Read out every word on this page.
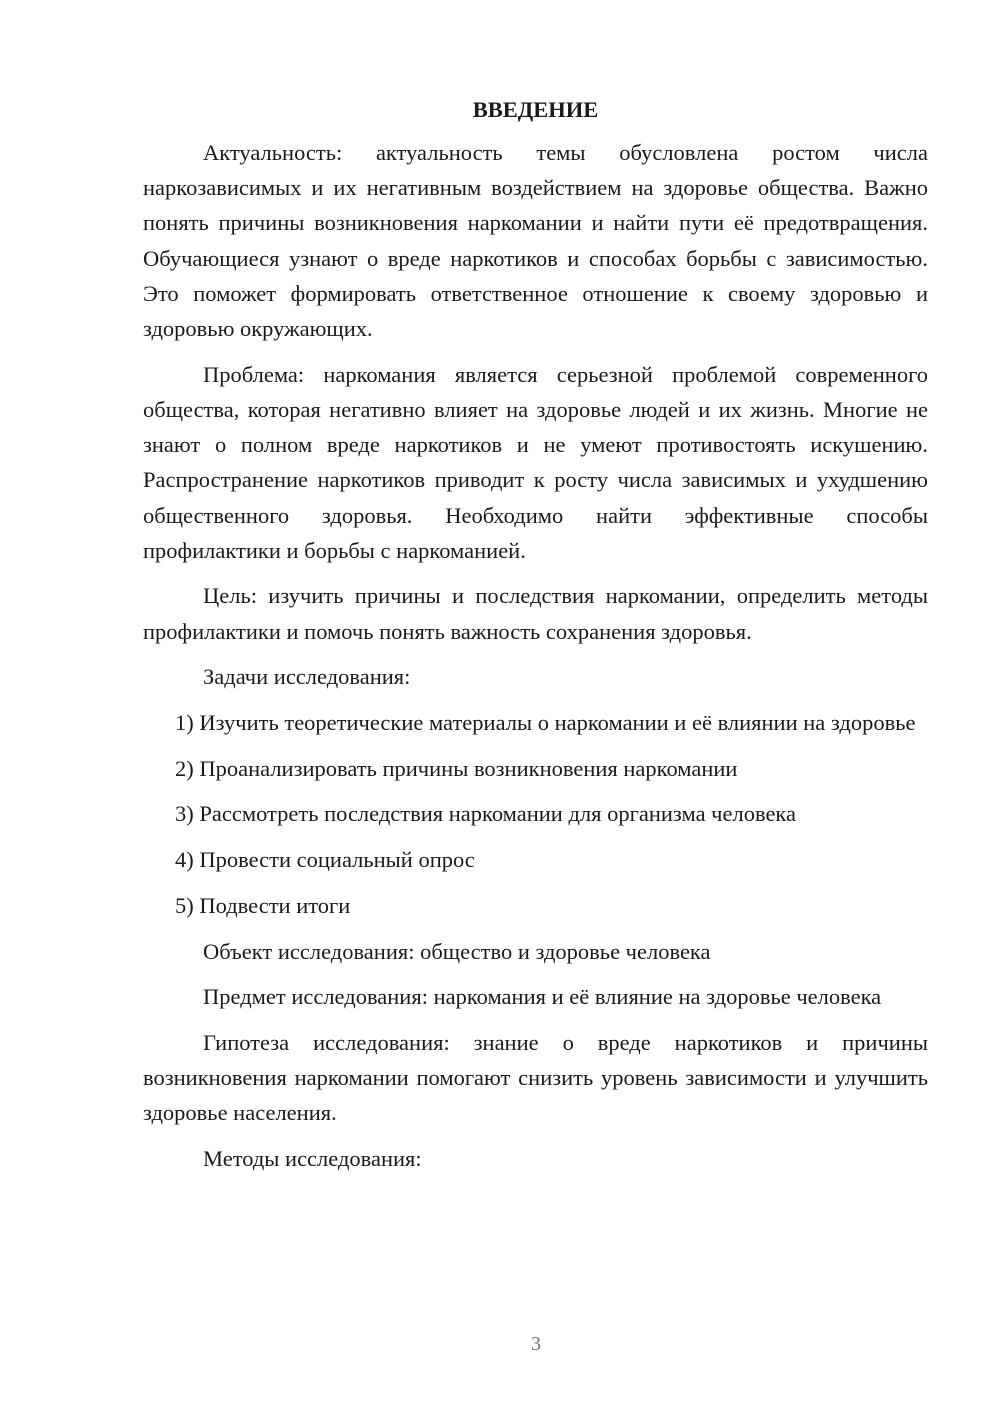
ВВЕДЕНИЕ

Актуальность: актуальность темы обусловлена ростом числа наркозависимых и их негативным воздействием на здоровье общества. Важно понять причины возникновения наркомании и найти пути её предотвращения. Обучающиеся узнают о вреде наркотиков и способах борьбы с зависимостью. Это поможет формировать ответственное отношение к своему здоровью и здоровью окружающих.

Проблема: наркомания является серьезной проблемой современного общества, которая негативно влияет на здоровье людей и их жизнь. Многие не знают о полном вреде наркотиков и не умеют противостоять искушению. Распространение наркотиков приводит к росту числа зависимых и ухудшению общественного здоровья. Необходимо найти эффективные способы профилактики и борьбы с наркоманией.

Цель: изучить причины и последствия наркомании, определить методы профилактики и помочь понять важность сохранения здоровья.

Задачи исследования:

1) Изучить теоретические материалы о наркомании и её влиянии на здоровье

2) Проанализировать причины возникновения наркомании

3) Рассмотреть последствия наркомании для организма человека

4) Провести социальный опрос

5) Подвести итоги

Объект исследования: общество и здоровье человека

Предмет исследования: наркомания и её влияние на здоровье человека

Гипотеза исследования: знание о вреде наркотиков и причины возникновения наркомании помогают снизить уровень зависимости и улучшить здоровье населения.

Методы исследования:

3
